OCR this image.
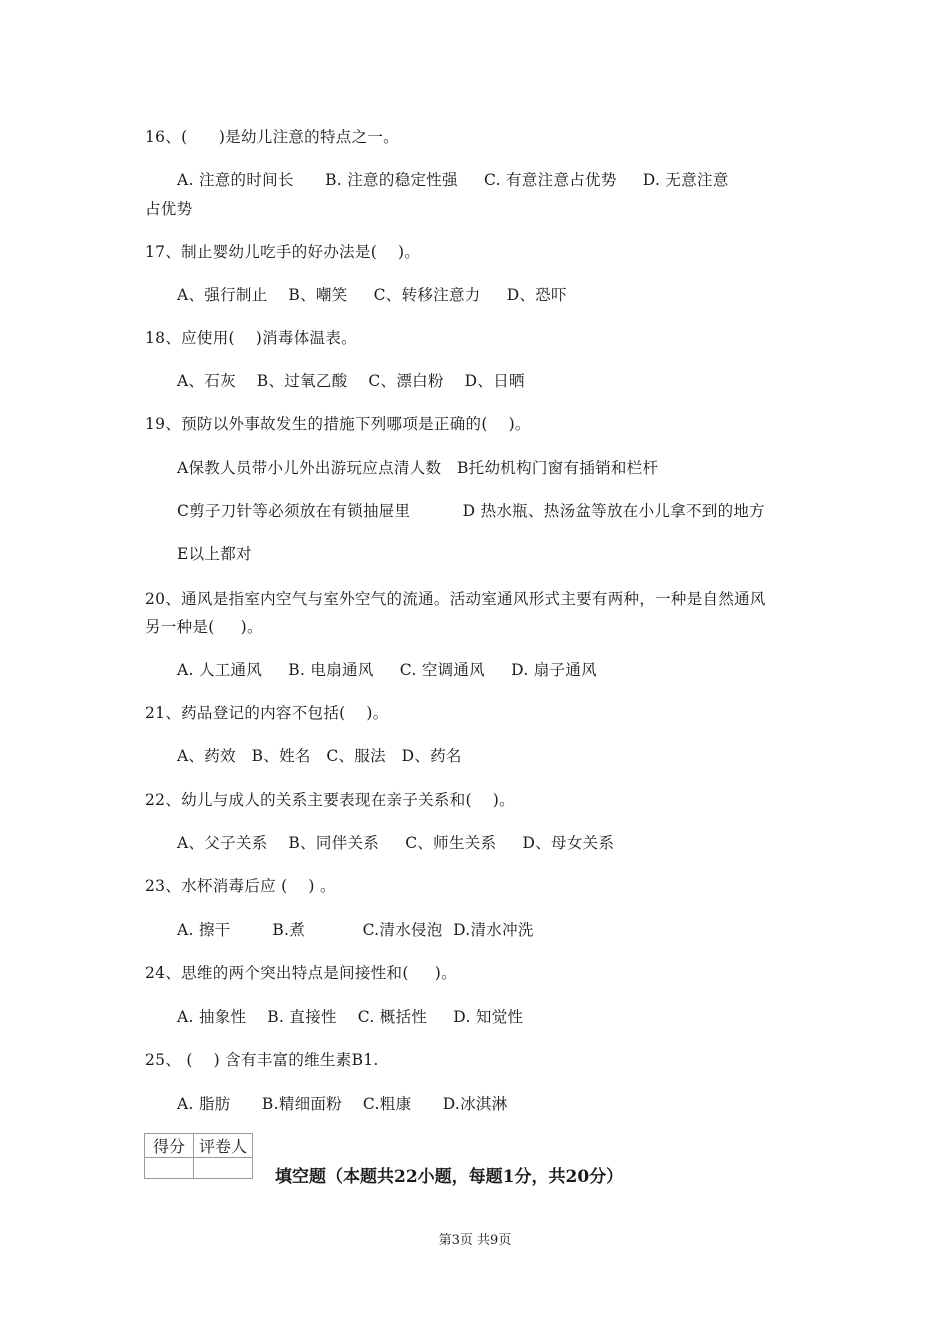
16、(      )是幼儿注意的特点之一。
A. 注意的时间长      B. 注意的稳定性强     C. 有意注意占优势     D. 无意注意
占优势
17、制止婴幼儿吃手的好办法是(    )。
A、强行制止    B、嘲笑     C、转移注意力     D、恐吓
18、应使用(    )消毒体温表。
A、石灰    B、过氧乙酸    C、漂白粉    D、日晒
19、预防以外事故发生的措施下列哪项是正确的(    )。
A保教人员带小儿外出游玩应点清人数   B托幼机构门窗有插销和栏杆
C剪子刀针等必须放在有锁抽屉里          D 热水瓶、热汤盆等放在小儿拿不到的地方
E以上都对
20、通风是指室内空气与室外空气的流通。活动室通风形式主要有两种，一种是自然通风
另一种是(     )。
A. 人工通风     B. 电扇通风     C. 空调通风     D. 扇子通风
21、药品登记的内容不包括(    )。
A、药效   B、姓名   C、服法   D、药名
22、幼儿与成人的关系主要表现在亲子关系和(    )。
A、父子关系    B、同伴关系     C、师生关系     D、母女关系
23、水杯消毒后应 (    ) 。
A. 擦干        B.煮           C.清水侵泡  D.清水冲洗
24、思维的两个突出特点是间接性和(     )。
A. 抽象性    B. 直接性    C. 概括性     D. 知觉性
25、 (    ) 含有丰富的维生素B1.
A. 脂肪      B.精细面粉    C.粗康      D.冰淇淋
得分	评卷人

填空题（本题共22小题，每题1分，共20分）
第3页 共9页
